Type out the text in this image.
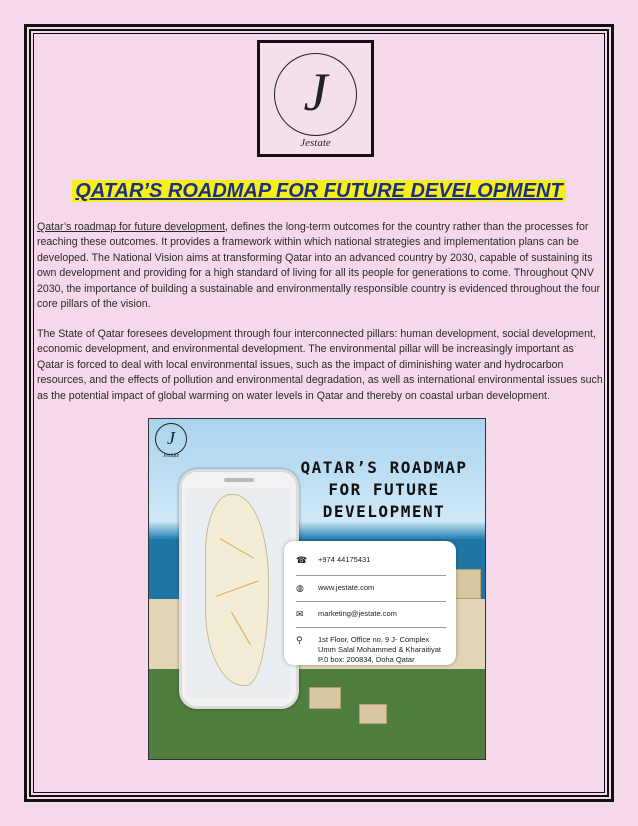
J
Jestate
QATAR’S ROADMAP FOR FUTURE DEVELOPMENT

Qatar’s roadmap for future development, defines the long-term outcomes for the country rather than the processes for reaching these outcomes. It provides a framework within which national strategies and implementation plans can be developed. The National Vision aims at transforming Qatar into an advanced country by 2030, capable of sustaining its own development and providing for a high standard of living for all its people for generations to come. Throughout QNV 2030, the importance of building a sustainable and environmentally responsible country is evidenced throughout the four core pillars of the vision.

The State of Qatar foresees development through four interconnected pillars: human development, social development, economic development, and environmental development. The environmental pillar will be increasingly important as Qatar is forced to deal with local environmental issues, such as the impact of diminishing water and hydrocarbon resources, and the effects of pollution and environmental degradation, as well as international environmental issues such as the potential impact of global warming on water levels in Qatar and thereby on coastal urban development.

J
Jestate
QATAR’S ROADMAP
FOR FUTURE
DEVELOPMENT
☎ +974 44175431
◍ www.jestate.com
✉	marketing@jestate.com
⚲	1st Floor, Office no. 9 J- Complex
Umm Salal Mohammed & Kharaitiyat
P.0 box: 200834, Doha Qatar
